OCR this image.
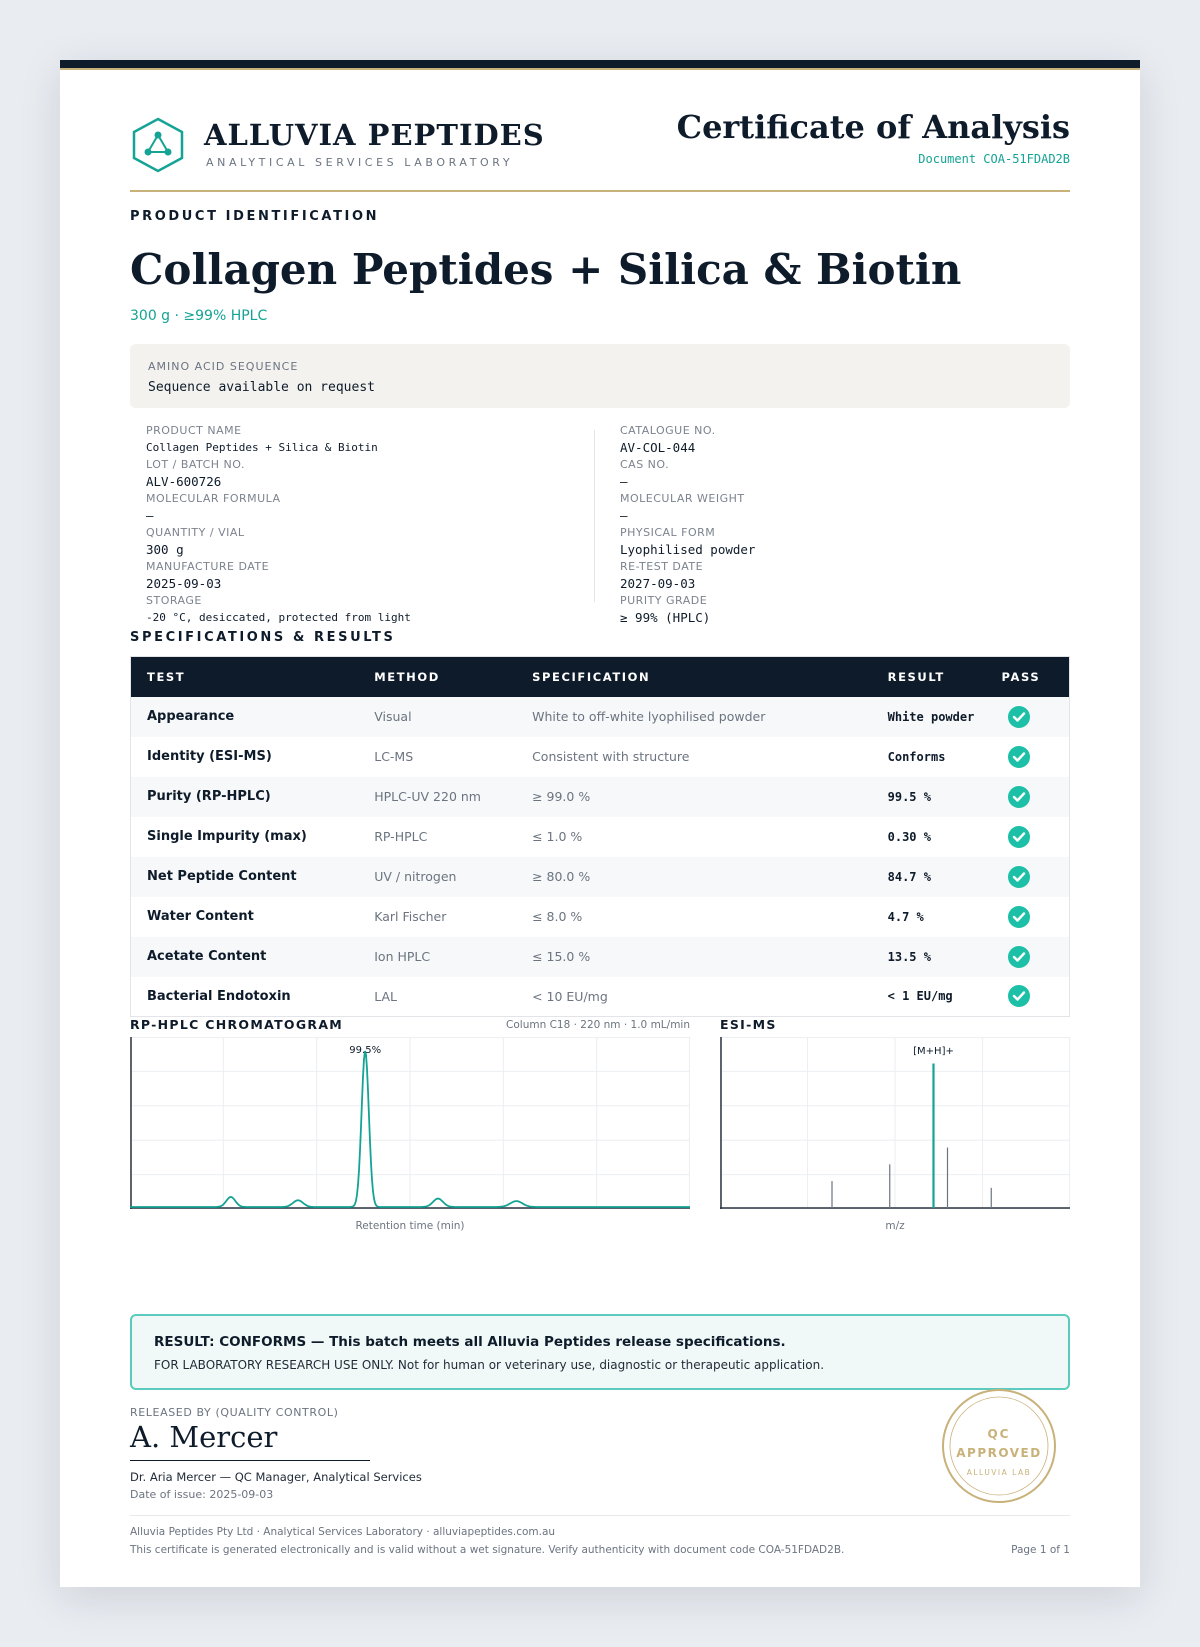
ALLUVIA PEPTIDES
ANALYTICAL SERVICES LABORATORY
Certificate of Analysis
Document COA-51FDAD2B
PRODUCT IDENTIFICATION
Collagen Peptides + Silica & Biotin
300 g · ≥99% HPLC
AMINO ACID SEQUENCE
Sequence available on request
PRODUCT NAME
Collagen Peptides + Silica & Biotin
LOT / BATCH NO.
ALV-600726
MOLECULAR FORMULA
—
QUANTITY / VIAL
300 g
MANUFACTURE DATE
2025-09-03
STORAGE
-20 °C, desiccated, protected from light
CATALOGUE NO.
AV-COL-044
CAS NO.
—
MOLECULAR WEIGHT
—
PHYSICAL FORM
Lyophilised powder
RE-TEST DATE
2027-09-03
PURITY GRADE
≥ 99% (HPLC)
SPECIFICATIONS & RESULTS
TEST	METHOD	SPECIFICATION	RESULT	PASS
Appearance	Visual	White to off-white lyophilised powder	White powder	

Identity (ESI-MS)	LC-MS	Consistent with structure	Conforms	

Purity (RP-HPLC)	HPLC-UV 220 nm	≥ 99.0 %	99.5 %	

Single Impurity (max)	RP-HPLC	≤ 1.0 %	0.30 %	

Net Peptide Content	UV / nitrogen	≥ 80.0 %	84.7 %	

Water Content	Karl Fischer	≤ 8.0 %	4.7 %	

Acetate Content	Ion HPLC	≤ 15.0 %	13.5 %	

Bacterial Endotoxin	LAL	< 10 EU/mg	< 1 EU/mg	
RP-HPLC CHROMATOGRAM	Column C18 · 220 nm · 1.0 mL/min
99.5%
Retention time (min)
ESI-MS
[M+H]+
m/z
RESULT: CONFORMS — This batch meets all Alluvia Peptides release specifications.
FOR LABORATORY RESEARCH USE ONLY. Not for human or veterinary use, diagnostic or therapeutic application.
RELEASED BY (QUALITY CONTROL)
A. Mercer
Dr. Aria Mercer — QC Manager, Analytical Services
Date of issue: 2025-09-03
QC
APPROVED
ALLUVIA LAB
Alluvia Peptides Pty Ltd · Analytical Services Laboratory · alluviapeptides.com.au
This certificate is generated electronically and is valid without a wet signature. Verify authenticity with document code COA-51FDAD2B.	Page 1 of 1
